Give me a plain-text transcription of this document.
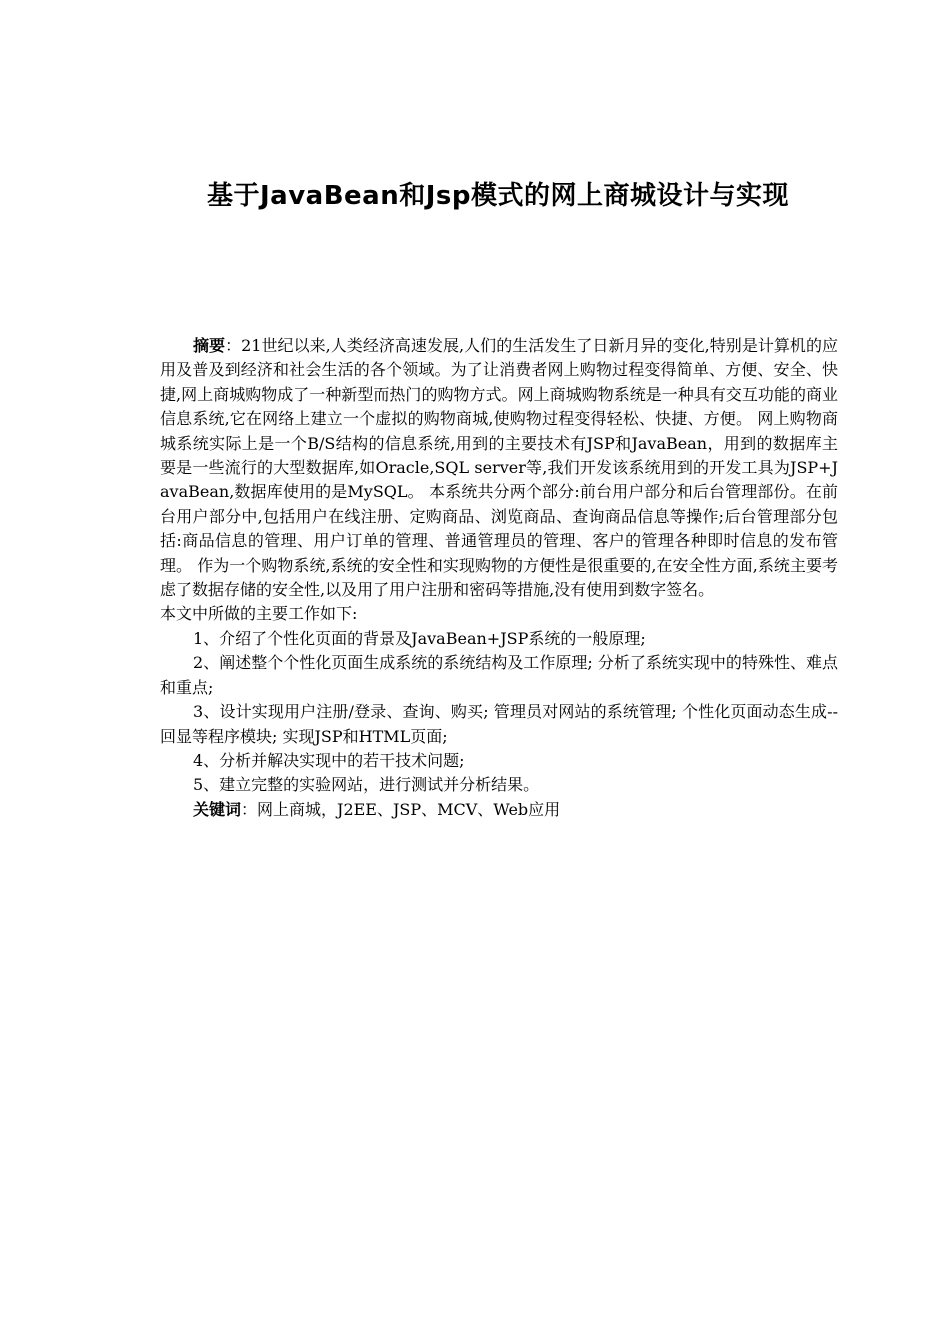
基于JavaBean和Jsp模式的网上商城设计与实现

摘要：21世纪以来,人类经济高速发展,人们的生活发生了日新月异的变化,特别是计算机的应用及普及到经济和社会生活的各个领域。为了让消费者网上购物过程变得简单、方便、安全、快捷,网上商城购物成了一种新型而热门的购物方式。网上商城购物系统是一种具有交互功能的商业信息系统,它在网络上建立一个虚拟的购物商城,使购物过程变得轻松、快捷、方便。 网上购物商城系统实际上是一个B/S结构的信息系统,用到的主要技术有JSP和JavaBean，用到的数据库主要是一些流行的大型数据库,如Oracle,SQL server等,我们开发该系统用到的开发工具为JSP+JavaBean,数据库使用的是MySQL。 本系统共分两个部分:前台用户部分和后台管理部份。在前台用户部分中,包括用户在线注册、定购商品、浏览商品、查询商品信息等操作;后台管理部分包括:商品信息的管理、用户订单的管理、普通管理员的管理、客户的管理各种即时信息的发布管理。 作为一个购物系统,系统的安全性和实现购物的方便性是很重要的,在安全性方面,系统主要考虑了数据存储的安全性,以及用了用户注册和密码等措施,没有使用到数字签名。

本文中所做的主要工作如下:

1、介绍了个性化页面的背景及JavaBean+JSP系统的一般原理;

2、阐述整个个性化页面生成系统的系统结构及工作原理; 分析了系统实现中的特殊性、难点和重点;

3、设计实现用户注册/登录、查询、购买; 管理员对网站的系统管理; 个性化页面动态生成--回显等程序模块; 实现JSP和HTML页面;

4、分析并解决实现中的若干技术问题;

5、建立完整的实验网站，进行测试并分析结果。

关键词：网上商城，J2EE、JSP、MCV、Web应用
